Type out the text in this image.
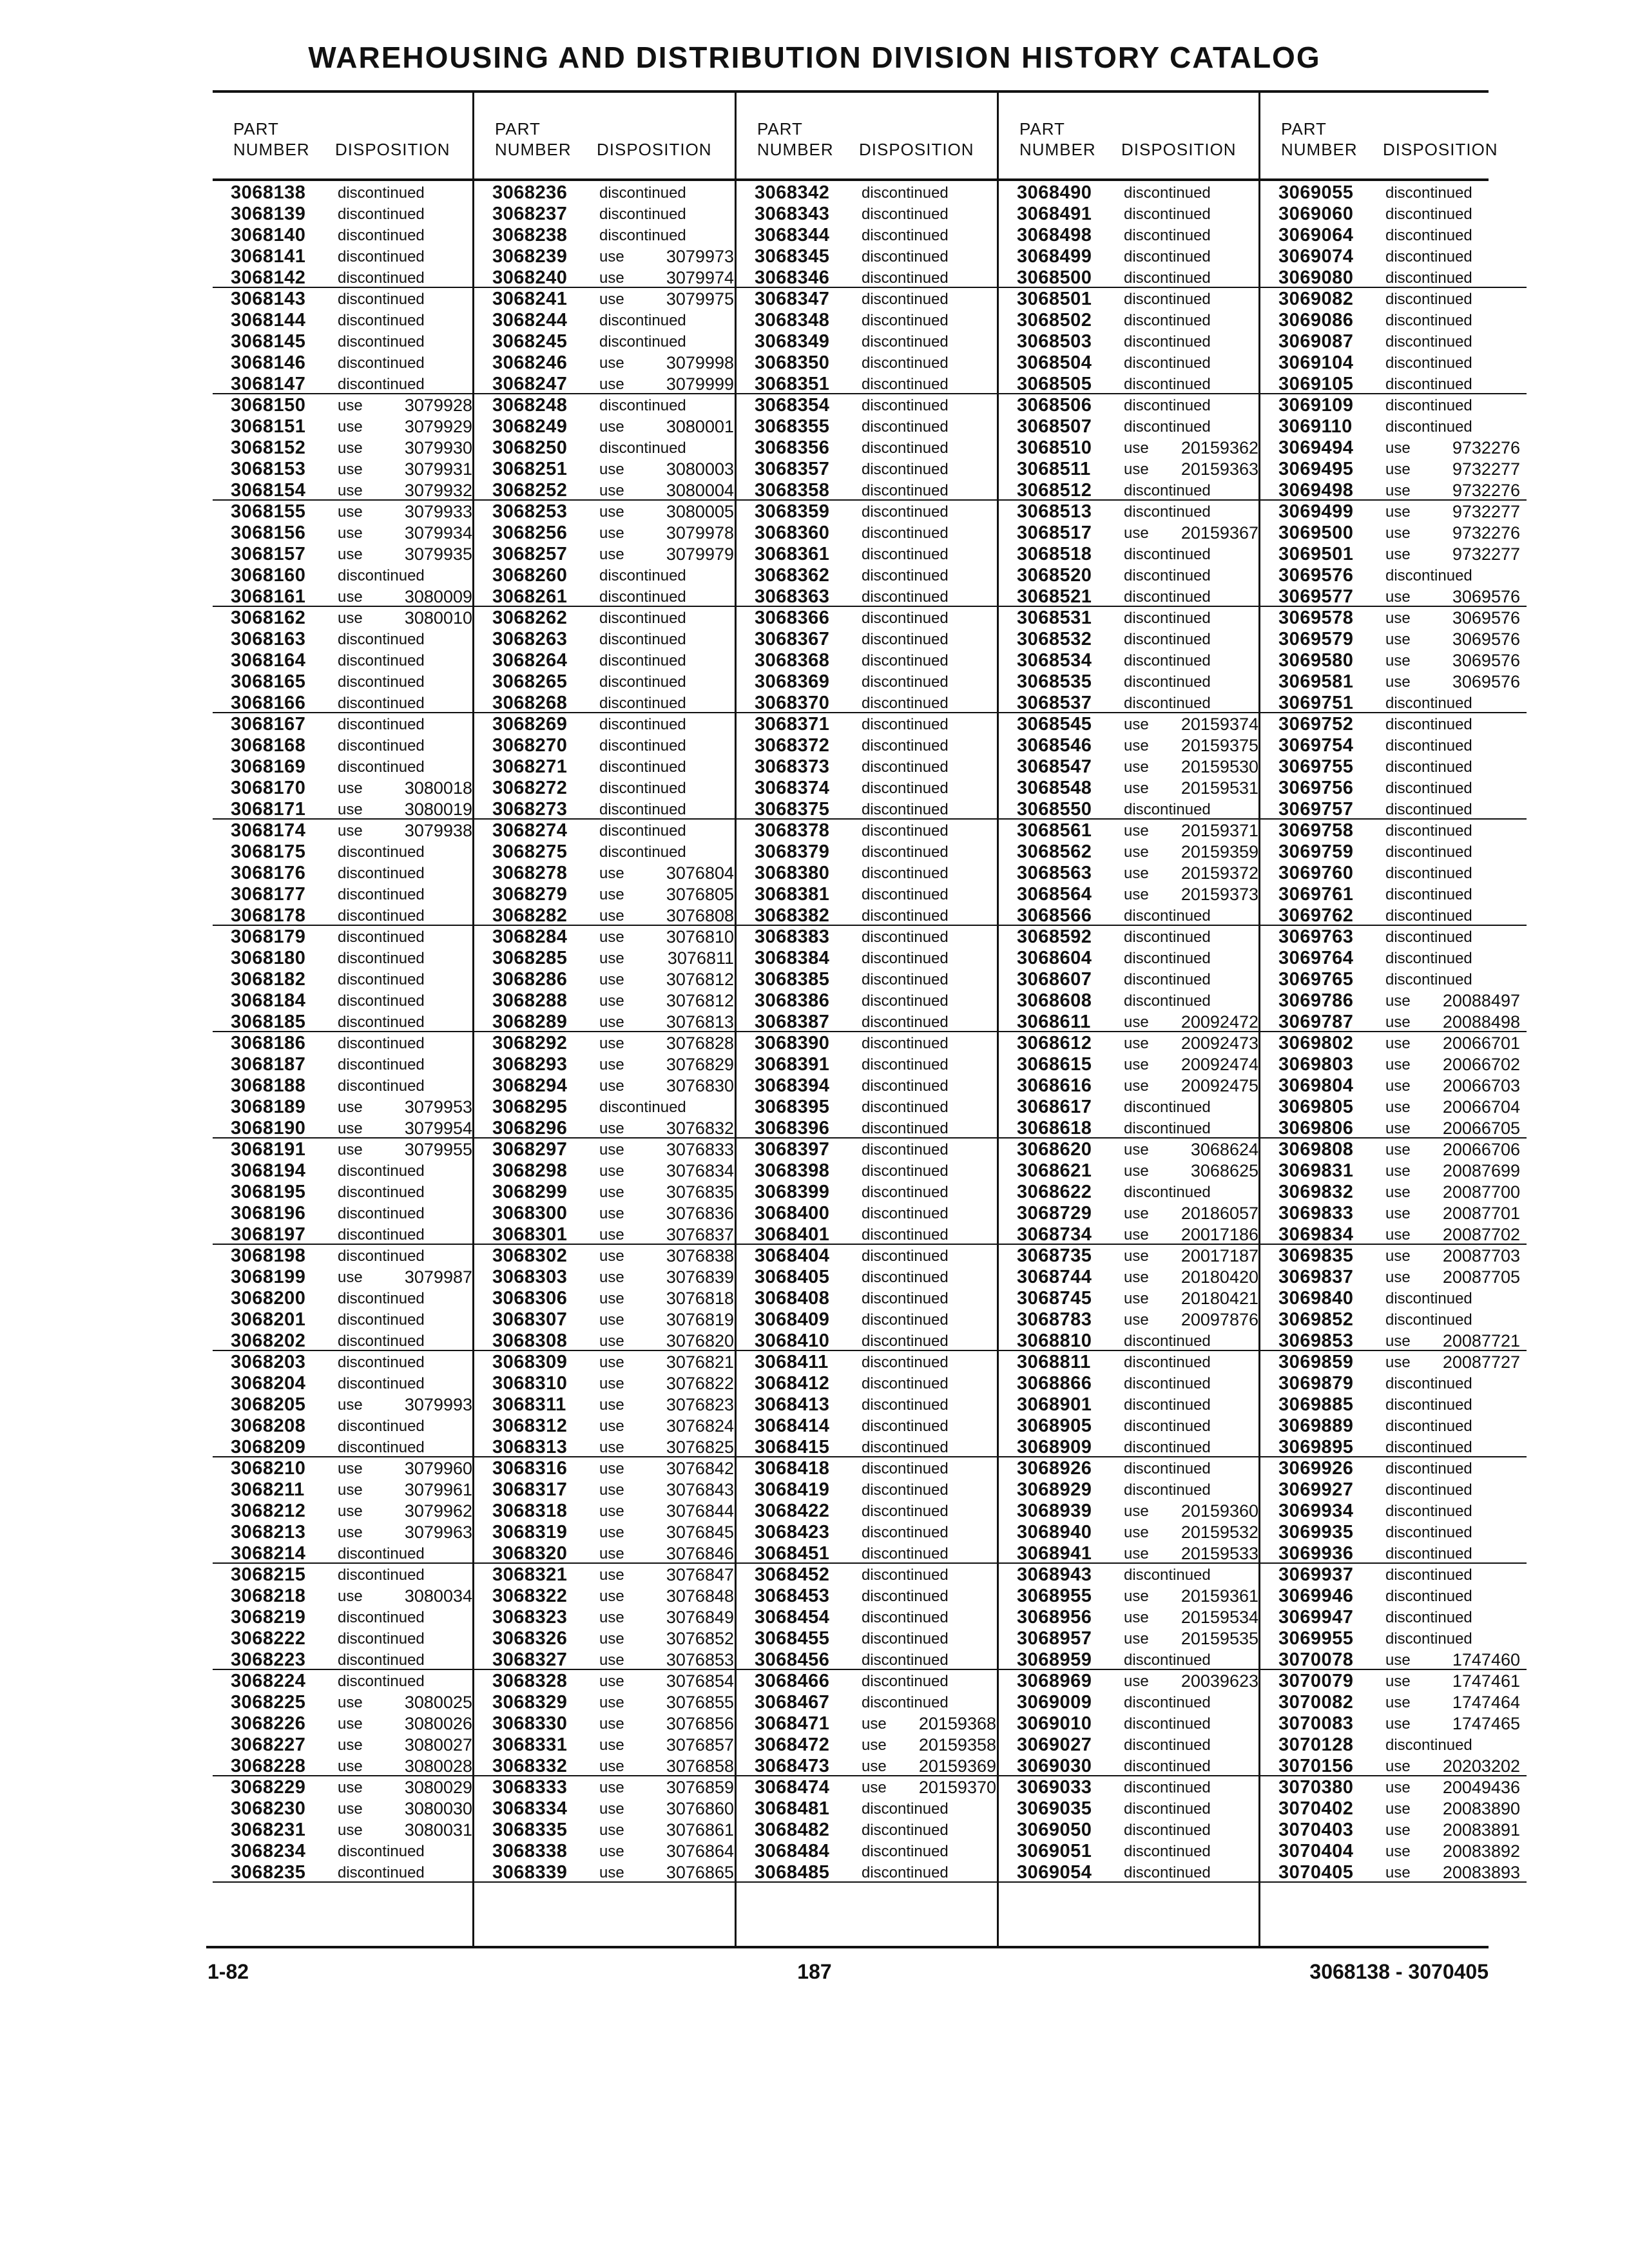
WAREHOUSING AND DISTRIBUTION DIVISION HISTORY CATALOG
PART
NUMBER DISPOSITION
3068138 discontinued
3068139 discontinued
3068140 discontinued
3068141 discontinued
3068142 discontinued
3068143 discontinued
3068144 discontinued
3068145 discontinued
3068146 discontinued
3068147 discontinued
3068150 use 3079928
3068151 use 3079929
3068152 use 3079930
3068153 use 3079931
3068154 use 3079932
3068155 use 3079933
3068156 use 3079934
3068157 use 3079935
3068160 discontinued
3068161 use 3080009
3068162 use 3080010
3068163 discontinued
3068164 discontinued
3068165 discontinued
3068166 discontinued
3068167 discontinued
3068168 discontinued
3068169 discontinued
3068170 use 3080018
3068171 use 3080019
3068174 use 3079938
3068175 discontinued
3068176 discontinued
3068177 discontinued
3068178 discontinued
3068179 discontinued
3068180 discontinued
3068182 discontinued
3068184 discontinued
3068185 discontinued
3068186 discontinued
3068187 discontinued
3068188 discontinued
3068189 use 3079953
3068190 use 3079954
3068191 use 3079955
3068194 discontinued
3068195 discontinued
3068196 discontinued
3068197 discontinued
3068198 discontinued
3068199 use 3079987
3068200 discontinued
3068201 discontinued
3068202 discontinued
3068203 discontinued
3068204 discontinued
3068205 use 3079993
3068208 discontinued
3068209 discontinued
3068210 use 3079960
3068211 use 3079961
3068212 use 3079962
3068213 use 3079963
3068214 discontinued
3068215 discontinued
3068218 use 3080034
3068219 discontinued
3068222 discontinued
3068223 discontinued
3068224 discontinued
3068225 use 3080025
3068226 use 3080026
3068227 use 3080027
3068228 use 3080028
3068229 use 3080029
3068230 use 3080030
3068231 use 3080031
3068234 discontinued
3068235 discontinued
PART
NUMBER DISPOSITION
3068236 discontinued
3068237 discontinued
3068238 discontinued
3068239 use 3079973
3068240 use 3079974
3068241 use 3079975
3068244 discontinued
3068245 discontinued
3068246 use 3079998
3068247 use 3079999
3068248 discontinued
3068249 use 3080001
3068250 discontinued
3068251 use 3080003
3068252 use 3080004
3068253 use 3080005
3068256 use 3079978
3068257 use 3079979
3068260 discontinued
3068261 discontinued
3068262 discontinued
3068263 discontinued
3068264 discontinued
3068265 discontinued
3068268 discontinued
3068269 discontinued
3068270 discontinued
3068271 discontinued
3068272 discontinued
3068273 discontinued
3068274 discontinued
3068275 discontinued
3068278 use 3076804
3068279 use 3076805
3068282 use 3076808
3068284 use 3076810
3068285 use 3076811
3068286 use 3076812
3068288 use 3076812
3068289 use 3076813
3068292 use 3076828
3068293 use 3076829
3068294 use 3076830
3068295 discontinued
3068296 use 3076832
3068297 use 3076833
3068298 use 3076834
3068299 use 3076835
3068300 use 3076836
3068301 use 3076837
3068302 use 3076838
3068303 use 3076839
3068306 use 3076818
3068307 use 3076819
3068308 use 3076820
3068309 use 3076821
3068310 use 3076822
3068311 use 3076823
3068312 use 3076824
3068313 use 3076825
3068316 use 3076842
3068317 use 3076843
3068318 use 3076844
3068319 use 3076845
3068320 use 3076846
3068321 use 3076847
3068322 use 3076848
3068323 use 3076849
3068326 use 3076852
3068327 use 3076853
3068328 use 3076854
3068329 use 3076855
3068330 use 3076856
3068331 use 3076857
3068332 use 3076858
3068333 use 3076859
3068334 use 3076860
3068335 use 3076861
3068338 use 3076864
3068339 use 3076865
PART
NUMBER DISPOSITION
3068342 discontinued
3068343 discontinued
3068344 discontinued
3068345 discontinued
3068346 discontinued
3068347 discontinued
3068348 discontinued
3068349 discontinued
3068350 discontinued
3068351 discontinued
3068354 discontinued
3068355 discontinued
3068356 discontinued
3068357 discontinued
3068358 discontinued
3068359 discontinued
3068360 discontinued
3068361 discontinued
3068362 discontinued
3068363 discontinued
3068366 discontinued
3068367 discontinued
3068368 discontinued
3068369 discontinued
3068370 discontinued
3068371 discontinued
3068372 discontinued
3068373 discontinued
3068374 discontinued
3068375 discontinued
3068378 discontinued
3068379 discontinued
3068380 discontinued
3068381 discontinued
3068382 discontinued
3068383 discontinued
3068384 discontinued
3068385 discontinued
3068386 discontinued
3068387 discontinued
3068390 discontinued
3068391 discontinued
3068394 discontinued
3068395 discontinued
3068396 discontinued
3068397 discontinued
3068398 discontinued
3068399 discontinued
3068400 discontinued
3068401 discontinued
3068404 discontinued
3068405 discontinued
3068408 discontinued
3068409 discontinued
3068410 discontinued
3068411 discontinued
3068412 discontinued
3068413 discontinued
3068414 discontinued
3068415 discontinued
3068418 discontinued
3068419 discontinued
3068422 discontinued
3068423 discontinued
3068451 discontinued
3068452 discontinued
3068453 discontinued
3068454 discontinued
3068455 discontinued
3068456 discontinued
3068466 discontinued
3068467 discontinued
3068471 use 20159368
3068472 use 20159358
3068473 use 20159369
3068474 use 20159370
3068481 discontinued
3068482 discontinued
3068484 discontinued
3068485 discontinued
PART
NUMBER DISPOSITION
3068490 discontinued
3068491 discontinued
3068498 discontinued
3068499 discontinued
3068500 discontinued
3068501 discontinued
3068502 discontinued
3068503 discontinued
3068504 discontinued
3068505 discontinued
3068506 discontinued
3068507 discontinued
3068510 use 20159362
3068511 use 20159363
3068512 discontinued
3068513 discontinued
3068517 use 20159367
3068518 discontinued
3068520 discontinued
3068521 discontinued
3068531 discontinued
3068532 discontinued
3068534 discontinued
3068535 discontinued
3068537 discontinued
3068545 use 20159374
3068546 use 20159375
3068547 use 20159530
3068548 use 20159531
3068550 discontinued
3068561 use 20159371
3068562 use 20159359
3068563 use 20159372
3068564 use 20159373
3068566 discontinued
3068592 discontinued
3068604 discontinued
3068607 discontinued
3068608 discontinued
3068611 use 20092472
3068612 use 20092473
3068615 use 20092474
3068616 use 20092475
3068617 discontinued
3068618 discontinued
3068620 use 3068624
3068621 use 3068625
3068622 discontinued
3068729 use 20186057
3068734 use 20017186
3068735 use 20017187
3068744 use 20180420
3068745 use 20180421
3068783 use 20097876
3068810 discontinued
3068811 discontinued
3068866 discontinued
3068901 discontinued
3068905 discontinued
3068909 discontinued
3068926 discontinued
3068929 discontinued
3068939 use 20159360
3068940 use 20159532
3068941 use 20159533
3068943 discontinued
3068955 use 20159361
3068956 use 20159534
3068957 use 20159535
3068959 discontinued
3068969 use 20039623
3069009 discontinued
3069010 discontinued
3069027 discontinued
3069030 discontinued
3069033 discontinued
3069035 discontinued
3069050 discontinued
3069051 discontinued
3069054 discontinued
PART
NUMBER DISPOSITION
3069055 discontinued
3069060 discontinued
3069064 discontinued
3069074 discontinued
3069080 discontinued
3069082 discontinued
3069086 discontinued
3069087 discontinued
3069104 discontinued
3069105 discontinued
3069109 discontinued
3069110 discontinued
3069494 use 9732276
3069495 use 9732277
3069498 use 9732276
3069499 use 9732277
3069500 use 9732276
3069501 use 9732277
3069576 discontinued
3069577 use 3069576
3069578 use 3069576
3069579 use 3069576
3069580 use 3069576
3069581 use 3069576
3069751 discontinued
3069752 discontinued
3069754 discontinued
3069755 discontinued
3069756 discontinued
3069757 discontinued
3069758 discontinued
3069759 discontinued
3069760 discontinued
3069761 discontinued
3069762 discontinued
3069763 discontinued
3069764 discontinued
3069765 discontinued
3069786 use 20088497
3069787 use 20088498
3069802 use 20066701
3069803 use 20066702
3069804 use 20066703
3069805 use 20066704
3069806 use 20066705
3069808 use 20066706
3069831 use 20087699
3069832 use 20087700
3069833 use 20087701
3069834 use 20087702
3069835 use 20087703
3069837 use 20087705
3069840 discontinued
3069852 discontinued
3069853 use 20087721
3069859 use 20087727
3069879 discontinued
3069885 discontinued
3069889 discontinued
3069895 discontinued
3069926 discontinued
3069927 discontinued
3069934 discontinued
3069935 discontinued
3069936 discontinued
3069937 discontinued
3069946 discontinued
3069947 discontinued
3069955 discontinued
3070078 use 1747460
3070079 use 1747461
3070082 use 1747464
3070083 use 1747465
3070128 discontinued
3070156 use 20203202
3070380 use 20049436
3070402 use 20083890
3070403 use 20083891
3070404 use 20083892
3070405 use 20083893
1-82	187	3068138 - 3070405
